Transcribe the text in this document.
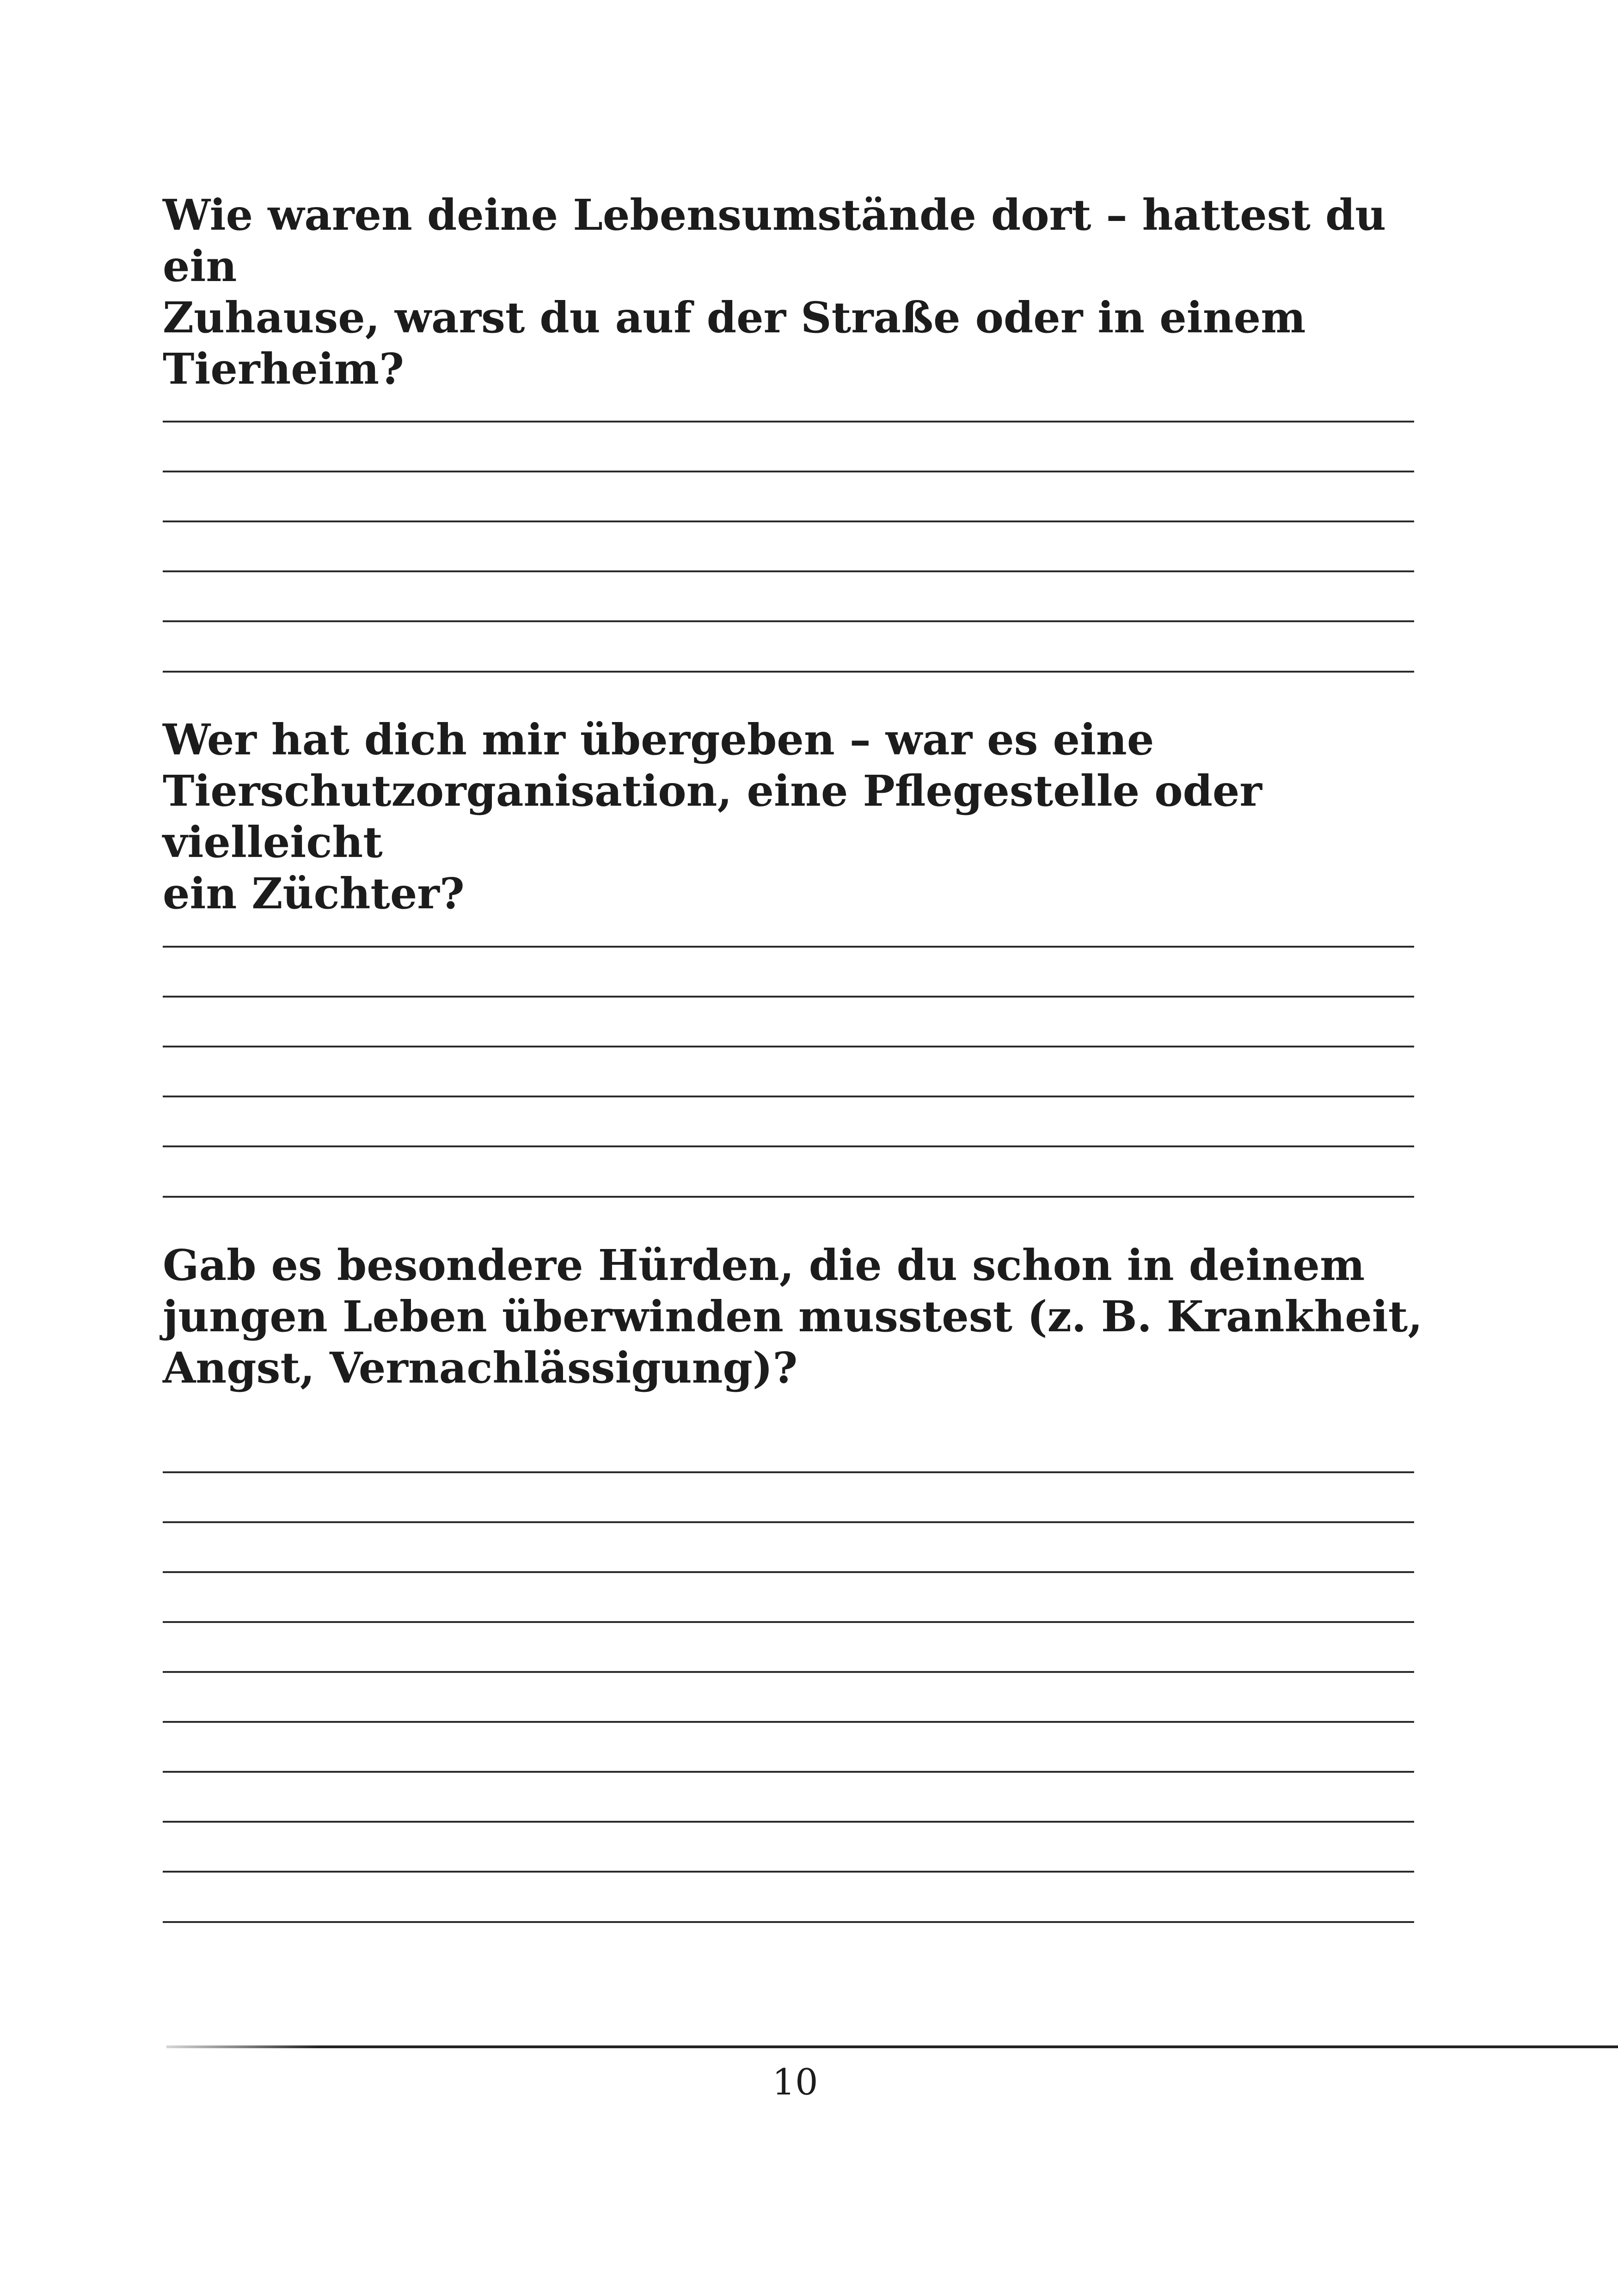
Wie waren deine Lebensumstände dort – hattest du ein
Zuhause, warst du auf der Straße oder in einem
Tierheim?

Wer hat dich mir übergeben – war es eine
Tierschutzorganisation, eine Pflegestelle oder vielleicht
ein Züchter?

Gab es besondere Hürden, die du schon in deinem
jungen Leben überwinden musstest (z. B. Krankheit,
Angst, Vernachlässigung)?

10
